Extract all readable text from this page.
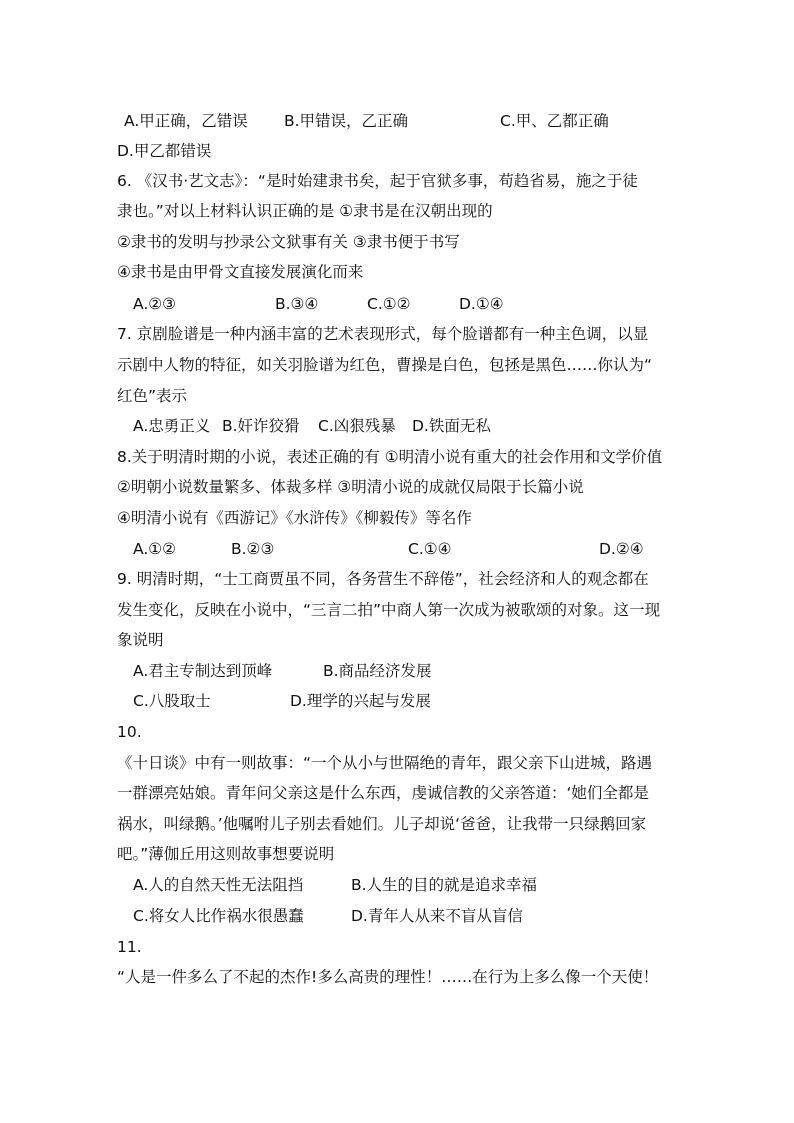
A.甲正确，乙错误 B.甲错误，乙正确	C.甲、乙都正确
D.甲乙都错误
6. 《汉书·艺文志》：“是时始建隶书矣，起于官狱多事，苟趋省易，施之于徒
隶也。”对以上材料认识正确的是 ①隶书是在汉朝出现的
②隶书的发明与抄录公文狱事有关 ③隶书便于书写
④隶书是由甲骨文直接发展演化而来
A.②③	B.③④	C.①②	D.①④
7. 京剧脸谱是一种内涵丰富的艺术表现形式，每个脸谱都有一种主色调，以显
示剧中人物的特征，如关羽脸谱为红色，曹操是白色，包拯是黑色……你认为“
红色”表示
A.忠勇正义 B.奸诈狡猾 C.凶狠残暴 D.铁面无私
8.关于明清时期的小说，表述正确的有 ①明清小说有重大的社会作用和文学价值
②明朝小说数量繁多、体裁多样 ③明清小说的成就仅局限于长篇小说
④明清小说有《西游记》《水浒传》《柳毅传》等名作
A.①②	B.②③	C.①④	D.②④
9. 明清时期，“士工商贾虽不同，各务营生不辞倦”，社会经济和人的观念都在
发生变化，反映在小说中，“三言二拍”中商人第一次成为被歌颂的对象。这一现
象说明
A.君主专制达到顶峰	B.商品经济发展
C.八股取士	D.理学的兴起与发展
10.
《十日谈》中有一则故事：“一个从小与世隔绝的青年，跟父亲下山进城，路遇
一群漂亮姑娘。青年问父亲这是什么东西，虔诚信教的父亲答道：‘她们全都是
祸水，叫绿鹅。’他嘱咐儿子别去看她们。儿子却说‘爸爸，让我带一只绿鹅回家
吧。”薄伽丘用这则故事想要说明
A.人的自然天性无法阻挡	B.人生的目的就是追求幸福
C.将女人比作祸水很愚蠢	D.青年人从来不盲从盲信
11.
“人是一件多么了不起的杰作!多么高贵的理性！……在行为上多么像一个天使！
